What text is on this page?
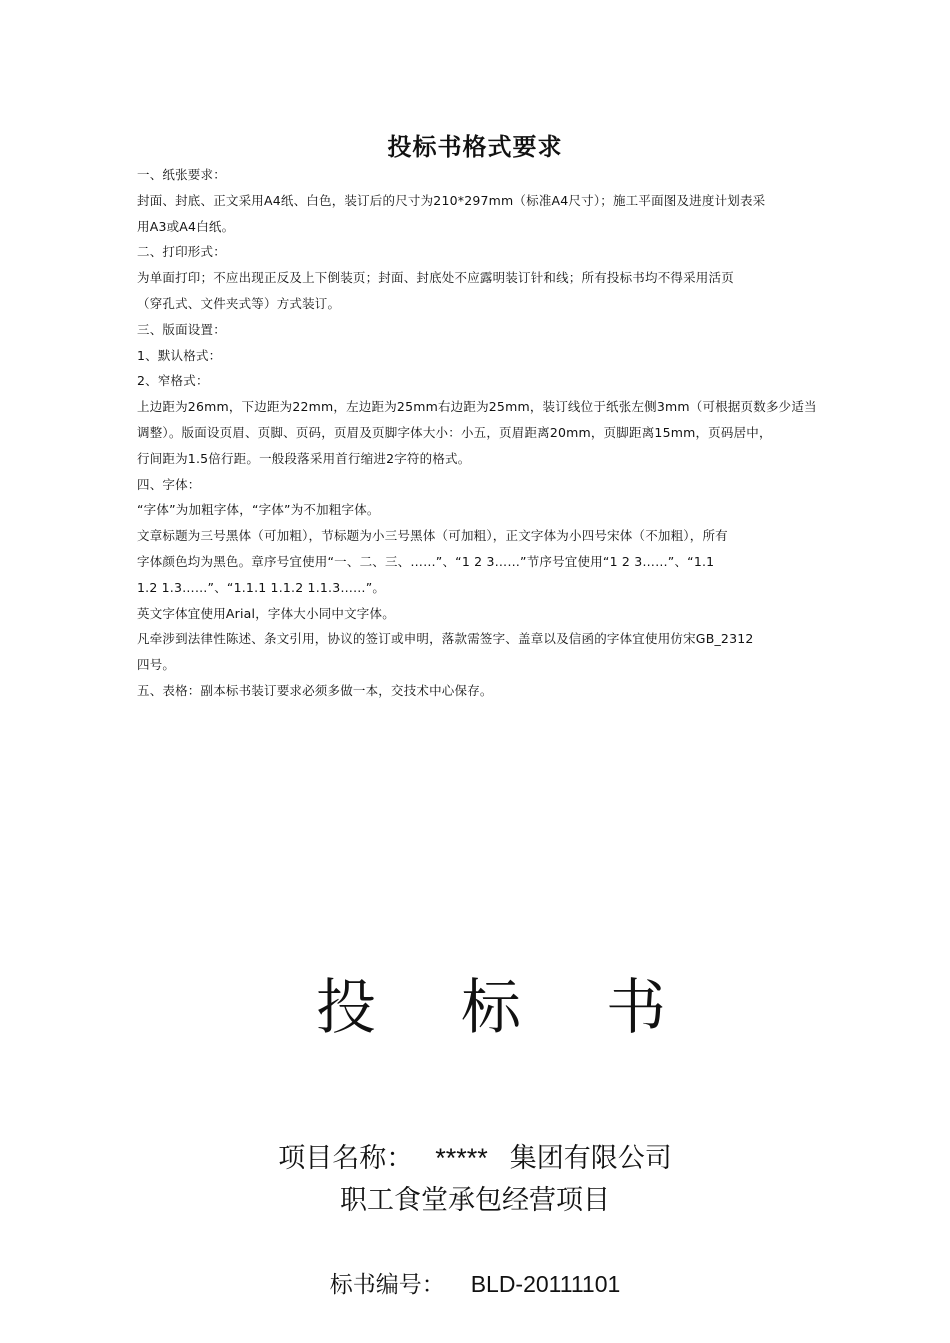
投标书格式要求
一、纸张要求：
封面、封底、正文采用A4纸、白色，装订后的尺寸为210*297mm（标准A4尺寸）；施工平面图及进度计划表采
用A3或A4白纸。
二、打印形式：
为单面打印；不应出现正反及上下倒装页；封面、封底处不应露明装订针和线；所有投标书均不得采用活页
（穿孔式、文件夹式等）方式装订。
三、版面设置：
1、默认格式：
2、窄格式：
上边距为26mm，下边距为22mm，左边距为25mm右边距为25mm，装订线位于纸张左侧3mm（可根据页数多少适当
调整）。版面设页眉、页脚、页码，页眉及页脚字体大小：小五，页眉距离20mm，页脚距离15mm，页码居中，
行间距为1.5倍行距。一般段落采用首行缩进2字符的格式。
四、字体：
“字体”为加粗字体，“字体”为不加粗字体。
文章标题为三号黑体（可加粗），节标题为小三号黑体（可加粗），正文字体为小四号宋体（不加粗），所有
字体颜色均为黑色。章序号宜使用“一、二、三、……”、“1 2 3……”节序号宜使用“1 2 3……”、“1.1
1.2 1.3……”、“1.1.1 1.1.2 1.1.3……”。
英文字体宜使用Arial，字体大小同中文字体。
凡牵涉到法律性陈述、条文引用，协议的签订或申明，落款需签字、盖章以及信函的字体宜使用仿宋GB_2312
四号。
五、表格：副本标书装订要求必须多做一本，交技术中心保存。
投 标 书
项目名称： ***** 集团有限公司
职工食堂承包经营项目
标书编号： BLD-20111101
